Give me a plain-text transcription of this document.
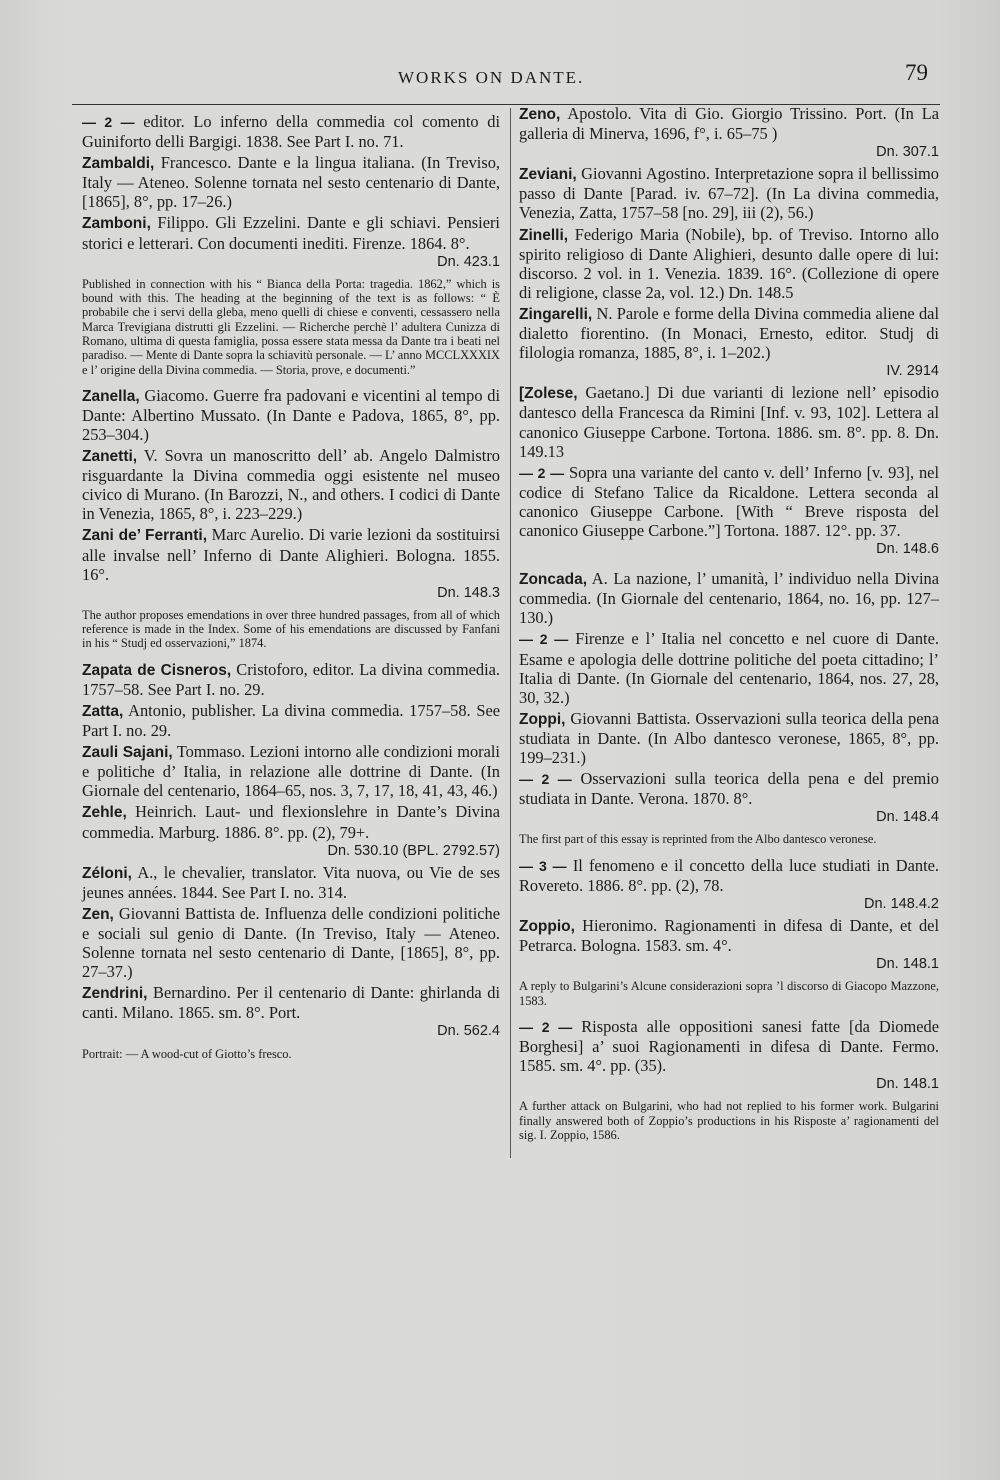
WORKS ON DANTE.	79
— 2 — editor. Lo inferno della commedia col comento di Guiniforto delli Bargigi. 1838. See Part I. no. 71.
Zambaldi, Francesco. Dante e la lingua italiana. (In Treviso, Italy — Ateneo. Solenne tornata nel sesto centenario di Dante, [1865], 8°, pp. 17–26.)
Zamboni, Filippo. Gli Ezzelini. Dante e gli schiavi. Pensieri storici e letterari. Con documenti inediti. Firenze. 1864. 8°.
Dn. 423.1
Published in connection with his “ Bianca della Porta: tragedia. 1862,” which is bound with this. The heading at the beginning of the text is as follows: “ È probabile che i servi della gleba, meno quelli di chiese e conventi, cessassero nella Marca Trevigiana distrutti gli Ezzelini. — Richerche perchè l’ adultera Cunizza di Romano, ultima di questa famiglia, possa essere stata messa da Dante tra i beati nel paradiso. — Mente di Dante sopra la schiavitù personale. — L’ anno MCCLXXXIX e l’ origine della Divina commedia. — Storia, prove, e documenti.”
Zanella, Giacomo. Guerre fra padovani e vicentini al tempo di Dante: Albertino Mussato. (In Dante e Padova, 1865, 8°, pp. 253–304.)
Zanetti, V. Sovra un manoscritto dell’ ab. Angelo Dalmistro risguardante la Divina commedia oggi esistente nel museo civico di Murano. (In Barozzi, N., and others. I codici di Dante in Venezia, 1865, 8°, i. 223–229.)
Zani de’ Ferranti, Marc Aurelio. Di varie lezioni da sostituirsi alle invalse nell’ Inferno di Dante Alighieri. Bologna. 1855. 16°.
Dn. 148.3
The author proposes emendations in over three hundred passages, from all of which reference is made in the Index. Some of his emendations are discussed by Fanfani in his “ Studj ed osservazioni,” 1874.
Zapata de Cisneros, Cristoforo, editor. La divina commedia. 1757–58. See Part I. no. 29.
Zatta, Antonio, publisher. La divina commedia. 1757–58. See Part I. no. 29.
Zauli Sajani, Tommaso. Lezioni intorno alle condizioni morali e politiche d’ Italia, in relazione alle dottrine di Dante. (In Giornale del centenario, 1864–65, nos. 3, 7, 17, 18, 41, 43, 46.)
Zehle, Heinrich. Laut- und flexionslehre in Dante’s Divina commedia. Marburg. 1886. 8°. pp. (2), 79+.
Dn. 530.10 (BPL. 2792.57)
Zéloni, A., le chevalier, translator. Vita nuova, ou Vie de ses jeunes années. 1844. See Part I. no. 314.
Zen, Giovanni Battista de. Influenza delle condizioni politiche e sociali sul genio di Dante. (In Treviso, Italy — Ateneo. Solenne tornata nel sesto centenario di Dante, [1865], 8°, pp. 27–37.)
Zendrini, Bernardino. Per il centenario di Dante: ghirlanda di canti. Milano. 1865. sm. 8°. Port.
Dn. 562.4
Portrait: — A wood-cut of Giotto’s fresco.
Zeno, Apostolo. Vita di Gio. Giorgio Trissino. Port. (In La galleria di Minerva, 1696, f°, i. 65–75 )
Dn. 307.1
Zeviani, Giovanni Agostino. Interpretazione sopra il bellissimo passo di Dante [Parad. iv. 67–72]. (In La divina commedia, Venezia, Zatta, 1757–58 [no. 29], iii (2), 56.)
Zinelli, Federigo Maria (Nobile), bp. of Treviso. Intorno allo spirito religioso di Dante Alighieri, desunto dalle opere di lui: discorso. 2 vol. in 1. Venezia. 1839. 16°. (Collezione di opere di religione, classe 2a, vol. 12.) Dn. 148.5
Zingarelli, N. Parole e forme della Divina commedia aliene dal dialetto fiorentino. (In Monaci, Ernesto, editor. Studj di filologia romanza, 1885, 8°, i. 1–202.)
IV. 2914
[Zolese, Gaetano.] Di due varianti di lezione nell’ episodio dantesco della Francesca da Rimini [Inf. v. 93, 102]. Lettera al canonico Giuseppe Carbone. Tortona. 1886. sm. 8°. pp. 8. Dn. 149.13
— 2 — Sopra una variante del canto v. dell’ Inferno [v. 93], nel codice di Stefano Talice da Ricaldone. Lettera seconda al canonico Giuseppe Carbone. [With “ Breve risposta del canonico Giuseppe Carbone.”] Tortona. 1887. 12°. pp. 37.
Dn. 148.6
Zoncada, A. La nazione, l’ umanità, l’ individuo nella Divina commedia. (In Giornale del centenario, 1864, no. 16, pp. 127–130.)
— 2 — Firenze e l’ Italia nel concetto e nel cuore di Dante. Esame e apologia delle dottrine politiche del poeta cittadino; l’ Italia di Dante. (In Giornale del centenario, 1864, nos. 27, 28, 30, 32.)
Zoppi, Giovanni Battista. Osservazioni sulla teorica della pena studiata in Dante. (In Albo dantesco veronese, 1865, 8°, pp. 199–231.)
— 2 — Osservazioni sulla teorica della pena e del premio studiata in Dante. Verona. 1870. 8°.
Dn. 148.4
The first part of this essay is reprinted from the Albo dantesco veronese.
— 3 — Il fenomeno e il concetto della luce studiati in Dante. Rovereto. 1886. 8°. pp. (2), 78.
Dn. 148.4.2
Zoppio, Hieronimo. Ragionamenti in difesa di Dante, et del Petrarca. Bologna. 1583. sm. 4°.
Dn. 148.1
A reply to Bulgarini’s Alcune considerazioni sopra ’l discorso di Giacopo Mazzone, 1583.
— 2 — Risposta alle oppositioni sanesi fatte [da Diomede Borghesi] a’ suoi Ragionamenti in difesa di Dante. Fermo. 1585. sm. 4°. pp. (35).
Dn. 148.1
A further attack on Bulgarini, who had not replied to his former work. Bulgarini finally answered both of Zoppio’s productions in his Risposte a’ ragionamenti del sig. I. Zoppio, 1586.
